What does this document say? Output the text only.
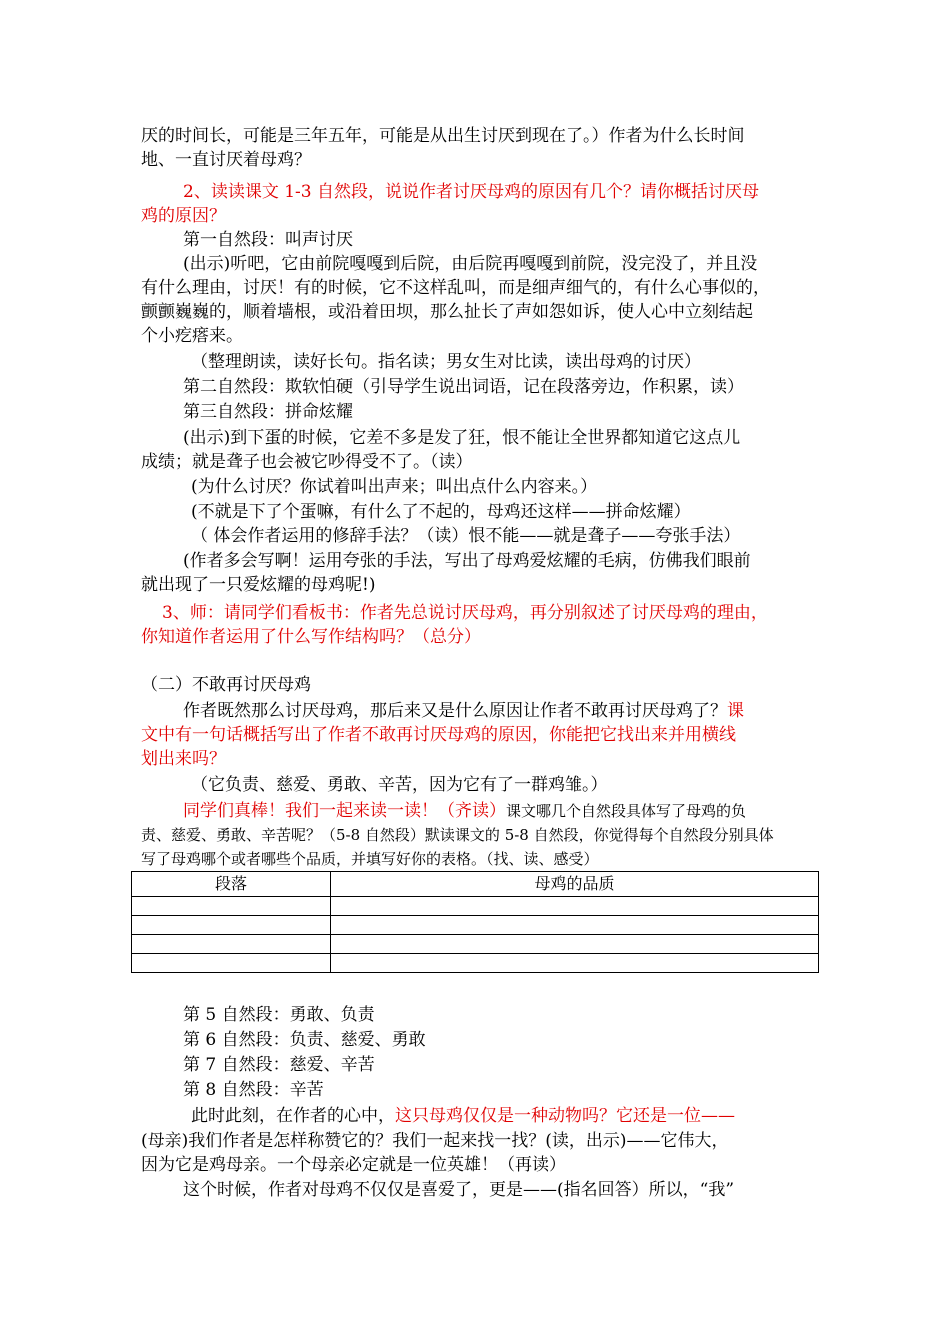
厌的时间长，可能是三年五年，可能是从出生讨厌到现在了。）作者为什么长时间
地、一直讨厌着母鸡？
2、读读课文 1-3 自然段，说说作者讨厌母鸡的原因有几个？请你概括讨厌母
鸡的原因？
第一自然段：叫声讨厌
(出示)听吧，它由前院嘎嘎到后院，由后院再嘎嘎到前院，没完没了，并且没
有什么理由，讨厌！有的时候，它不这样乱叫，而是细声细气的，有什么心事似的，
颤颤巍巍的，顺着墙根，或沿着田坝，那么扯长了声如怨如诉，使人心中立刻结起
个小疙瘩来。
（整理朗读，读好长句。指名读；男女生对比读，读出母鸡的讨厌）
第二自然段：欺软怕硬（引导学生说出词语，记在段落旁边，作积累，读）
第三自然段：拼命炫耀
(出示)到下蛋的时候，它差不多是发了狂，恨不能让全世界都知道它这点儿
成绩；就是聋子也会被它吵得受不了。（读）
(为什么讨厌？你试着叫出声来；叫出点什么内容来。）
(不就是下了个蛋嘛，有什么了不起的，母鸡还这样——拼命炫耀）
（ 体会作者运用的修辞手法？（读）恨不能——就是聋子——夸张手法）
(作者多会写啊！运用夸张的手法，写出了母鸡爱炫耀的毛病，仿佛我们眼前
就出现了一只爱炫耀的母鸡呢!)
3、师：请同学们看板书：作者先总说讨厌母鸡，再分别叙述了讨厌母鸡的理由，
你知道作者运用了什么写作结构吗？（总分）
（二）不敢再讨厌母鸡
作者既然那么讨厌母鸡，那后来又是什么原因让作者不敢再讨厌母鸡了？课
文中有一句话概括写出了作者不敢再讨厌母鸡的原因，你能把它找出来并用横线
划出来吗？
（它负责、慈爱、勇敢、辛苦，因为它有了一群鸡雏。）
同学们真棒！我们一起来读一读！（齐读）课文哪几个自然段具体写了母鸡的负
责、慈爱、勇敢、辛苦呢？（5-8 自然段）默读课文的 5-8 自然段，你觉得每个自然段分别具体
写了母鸡哪个或者哪些个品质，并填写好你的表格。（找、读、感受）
段落	母鸡的品质

第 5 自然段：勇敢、负责
第 6 自然段：负责、慈爱、勇敢
第 7 自然段：慈爱、辛苦
第 8 自然段：辛苦
此时此刻，在作者的心中，这只母鸡仅仅是一种动物吗？它还是一位——
(母亲)我们作者是怎样称赞它的？我们一起来找一找？(读，出示)——它伟大，
因为它是鸡母亲。一个母亲必定就是一位英雄！（再读）
这个时候，作者对母鸡不仅仅是喜爱了，更是——(指名回答）所以，“我”
